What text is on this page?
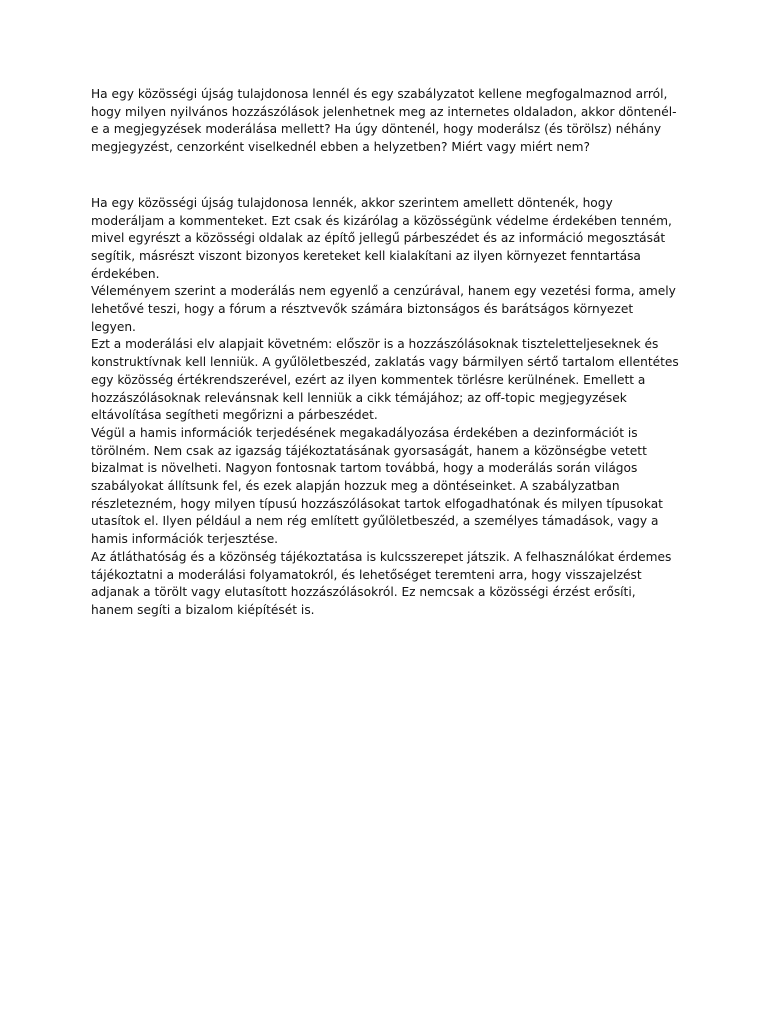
Ha egy közösségi újság tulajdonosa lennél és egy szabályzatot kellene megfogalmaznod arról, hogy milyen nyilvános hozzászólások jelenhetnek meg az internetes oldaladon, akkor döntenél-e a megjegyzések moderálása mellett? Ha úgy döntenél, hogy moderálsz (és törölsz) néhány megjegyzést, cenzorként viselkednél ebben a helyzetben? Miért vagy miért nem?

Ha egy közösségi újság tulajdonosa lennék, akkor szerintem amellett döntenék, hogy moderáljam a kommenteket. Ezt csak és kizárólag a közösségünk védelme érdekében tenném, mivel egyrészt a közösségi oldalak az építő jellegű párbeszédet és az információ megosztását segítik, másrészt viszont bizonyos kereteket kell kialakítani az ilyen környezet fenntartása érdekében.

Véleményem szerint a moderálás nem egyenlő a cenzúrával, hanem egy vezetési forma, amely lehetővé teszi, hogy a fórum a résztvevők számára biztonságos és barátságos környezet legyen.

Ezt a moderálási elv alapjait követném: először is a hozzászólásoknak tiszteletteljeseknek és konstruktívnak kell lenniük. A gyűlöletbeszéd, zaklatás vagy bármilyen sértő tartalom ellentétes egy közösség értékrendszerével, ezért az ilyen kommentek törlésre kerülnének. Emellett a hozzászólásoknak relevánsnak kell lenniük a cikk témájához; az off-topic megjegyzések eltávolítása segítheti megőrizni a párbeszédet.

Végül a hamis információk terjedésének megakadályozása érdekében a dezinformációt is törölném. Nem csak az igazság tájékoztatásának gyorsaságát, hanem a közönségbe vetett bizalmat is növelheti. Nagyon fontosnak tartom továbbá, hogy a moderálás során világos szabályokat állítsunk fel, és ezek alapján hozzuk meg a döntéseinket. A szabályzatban részletezném, hogy milyen típusú hozzászólásokat tartok elfogadhatónak és milyen típusokat utasítok el. Ilyen például a nem rég említett gyűlöletbeszéd, a személyes támadások, vagy a hamis információk terjesztése.

Az átláthatóság és a közönség tájékoztatása is kulcsszerepet játszik. A felhasználókat érdemes tájékoztatni a moderálási folyamatokról, és lehetőséget teremteni arra, hogy visszajelzést adjanak a törölt vagy elutasított hozzászólásokról. Ez nemcsak a közösségi érzést erősíti, hanem segíti a bizalom kiépítését is.
